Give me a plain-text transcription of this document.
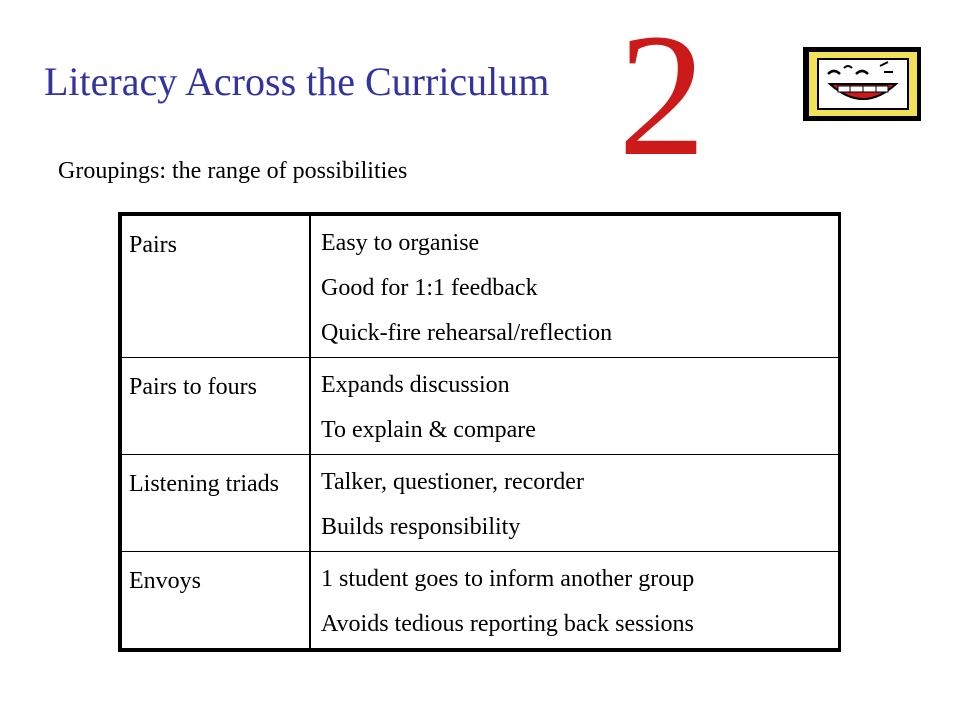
Literacy Across the Curriculum 2
Groupings: the range of possibilities
Pairs	Easy to organise
Good for 1:1 feedback
Quick-fire rehearsal/reflection

Pairs to fours	Expands discussion
To explain & compare

Listening triads	Talker, questioner, recorder
Builds responsibility

Envoys	1 student goes to inform another group
Avoids tedious reporting back sessions
